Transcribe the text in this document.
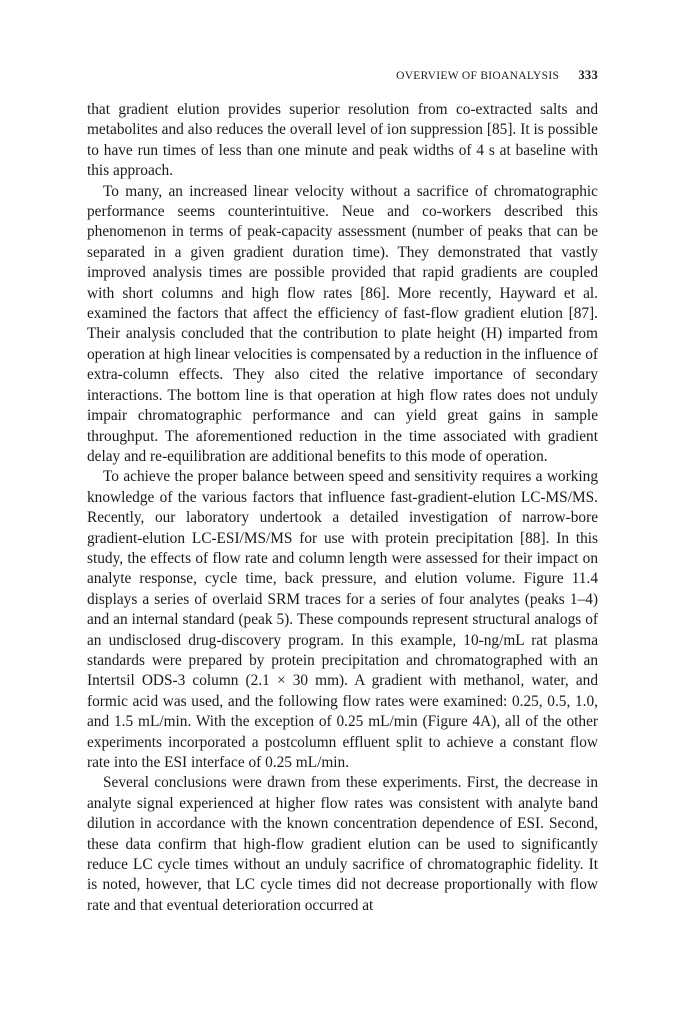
OVERVIEW OF BIOANALYSIS 333

that gradient elution provides superior resolution from co-extracted salts and metabolites and also reduces the overall level of ion suppression [85]. It is possible to have run times of less than one minute and peak widths of 4 s at baseline with this approach.

To many, an increased linear velocity without a sacrifice of chromatographic performance seems counterintuitive. Neue and co-workers described this phenomenon in terms of peak-capacity assessment (number of peaks that can be separated in a given gradient duration time). They demonstrated that vastly improved analysis times are possible provided that rapid gradients are coupled with short columns and high flow rates [86]. More recently, Hayward et al. examined the factors that affect the efficiency of fast-flow gradient elution [87]. Their analysis concluded that the contribution to plate height (H) imparted from operation at high linear velocities is compensated by a reduction in the influence of extra-column effects. They also cited the relative importance of secondary interactions. The bottom line is that operation at high flow rates does not unduly impair chromatographic performance and can yield great gains in sample throughput. The aforementioned reduction in the time associated with gradient delay and re-equilibration are additional benefits to this mode of operation.

To achieve the proper balance between speed and sensitivity requires a working knowledge of the various factors that influence fast-gradient-elution LC-MS/MS. Recently, our laboratory undertook a detailed investigation of narrow-bore gradient-elution LC-ESI/MS/MS for use with protein precipitation [88]. In this study, the effects of flow rate and column length were assessed for their impact on analyte response, cycle time, back pressure, and elution volume. Figure 11.4 displays a series of overlaid SRM traces for a series of four analytes (peaks 1–4) and an internal standard (peak 5). These compounds represent structural analogs of an undisclosed drug-discovery program. In this example, 10-ng/mL rat plasma standards were prepared by protein precipitation and chromatographed with an Intertsil ODS-3 column (2.1 × 30 mm). A gradient with methanol, water, and formic acid was used, and the following flow rates were examined: 0.25, 0.5, 1.0, and 1.5 mL/min. With the exception of 0.25 mL/min (Figure 4A), all of the other experiments incorporated a postcolumn effluent split to achieve a constant flow rate into the ESI interface of 0.25 mL/min.

Several conclusions were drawn from these experiments. First, the decrease in analyte signal experienced at higher flow rates was consistent with analyte band dilution in accordance with the known concentration dependence of ESI. Second, these data confirm that high-flow gradient elution can be used to significantly reduce LC cycle times without an unduly sacrifice of chromatographic fidelity. It is noted, however, that LC cycle times did not decrease proportionally with flow rate and that eventual deterioration occurred at
